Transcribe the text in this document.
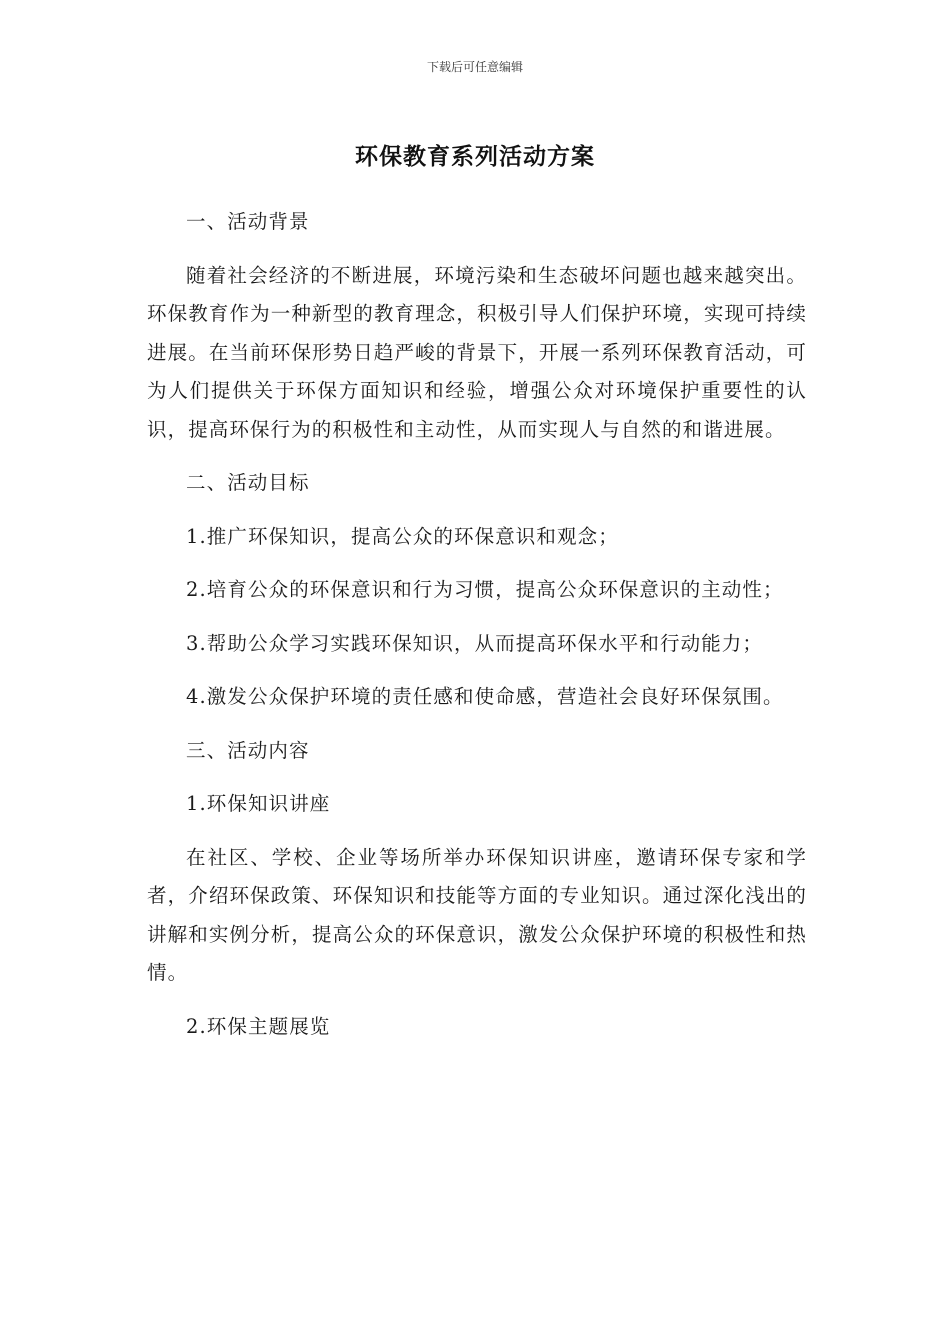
下载后可任意编辑
环保教育系列活动方案

一、活动背景

随着社会经济的不断进展，环境污染和生态破坏问题也越来越突出。环保教育作为一种新型的教育理念，积极引导人们保护环境，实现可持续进展。在当前环保形势日趋严峻的背景下，开展一系列环保教育活动，可为人们提供关于环保方面知识和经验，增强公众对环境保护重要性的认识，提高环保行为的积极性和主动性，从而实现人与自然的和谐进展。

二、活动目标

1.推广环保知识，提高公众的环保意识和观念；

2.培育公众的环保意识和行为习惯，提高公众环保意识的主动性；

3.帮助公众学习实践环保知识，从而提高环保水平和行动能力；

4.激发公众保护环境的责任感和使命感，营造社会良好环保氛围。

三、活动内容

1.环保知识讲座

在社区、学校、企业等场所举办环保知识讲座，邀请环保专家和学者，介绍环保政策、环保知识和技能等方面的专业知识。通过深化浅出的讲解和实例分析，提高公众的环保意识，激发公众保护环境的积极性和热情。

2.环保主题展览
